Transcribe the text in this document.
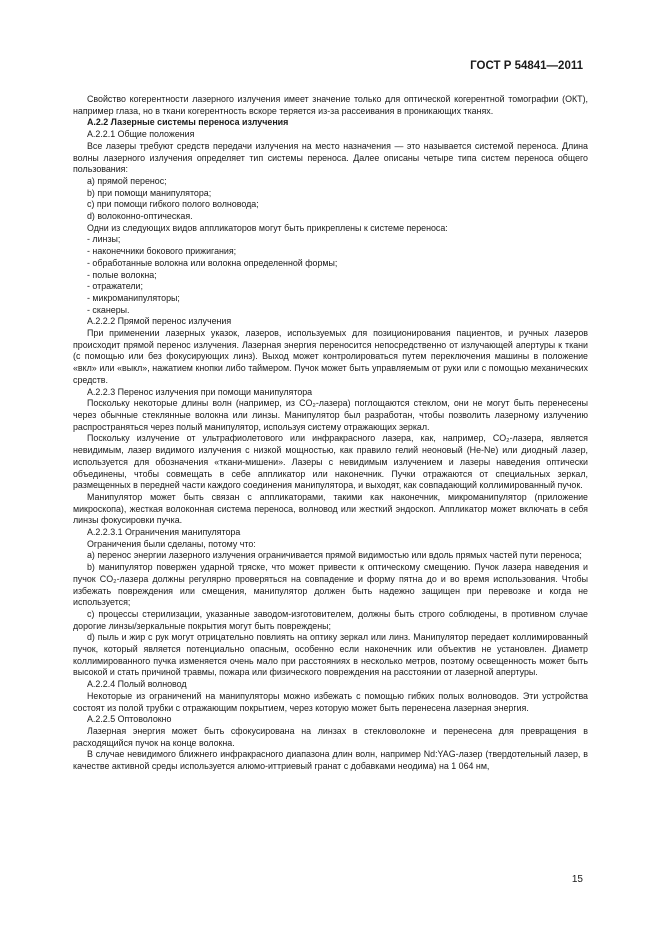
ГОСТ Р 54841—2011

Свойство когерентности лазерного излучения имеет значение только для оптической когерентной томографии (ОКТ), например глаза, но в ткани когерентность вскоре теряется из-за рассеивания в проникающих тканях.

А.2.2 Лазерные системы переноса излучения

А.2.2.1 Общие положения

Все лазеры требуют средств передачи излучения на место назначения — это называется системой переноса. Длина волны лазерного излучения определяет тип системы переноса. Далее описаны четыре типа систем переноса общего пользования:

a) прямой перенос;

b) при помощи манипулятора;

c) при помощи гибкого полого волновода;

d) волоконно-оптическая.

Одни из следующих видов аппликаторов могут быть прикреплены к системе переноса:

- линзы;

- наконечники бокового прижигания;

- обработанные волокна или волокна определенной формы;

- полые волокна;

- отражатели;

- микроманипуляторы;

- сканеры.

А.2.2.2 Прямой перенос излучения

При применении лазерных указок, лазеров, используемых для позиционирования пациентов, и ручных лазеров происходит прямой перенос излучения. Лазерная энергия переносится непосредственно от излучающей апертуры к ткани (с помощью или без фокусирующих линз). Выход может контролироваться путем переключения машины в положение «вкл» или «выкл», нажатием кнопки либо таймером. Пучок может быть управляемым от руки или с помощью механических средств.

А.2.2.3 Перенос излучения при помощи манипулятора

Поскольку некоторые длины волн (например, из CO₂-лазера) поглощаются стеклом, они не могут быть перенесены через обычные стеклянные волокна или линзы. Манипулятор был разработан, чтобы позволить лазерному излучению распространяться через полый манипулятор, используя систему отражающих зеркал.

Поскольку излучение от ультрафиолетового или инфракрасного лазера, как, например, CO₂-лазера, является невидимым, лазер видимого излучения с низкой мощностью, как правило гелий неоновый (He-Ne) или диодный лазер, используется для обозначения «ткани-мишени». Лазеры с невидимым излучением и лазеры наведения оптически объединены, чтобы совмещать в себе аппликатор или наконечник. Пучки отражаются от специальных зеркал, размещенных в передней части каждого соединения манипулятора, и выходят, как совпадающий коллимированный пучок.

Манипулятор может быть связан с аппликаторами, такими как наконечник, микроманипулятор (приложение микроскопа), жесткая волоконная система переноса, волновод или жесткий эндоскоп. Аппликатор может включать в себя линзы фокусировки пучка.

А.2.2.3.1 Ограничения манипулятора

Ограничения были сделаны, потому что:

a) перенос энергии лазерного излучения ограничивается прямой видимостью или вдоль прямых частей пути переноса;

b) манипулятор повержен ударной тряске, что может привести к оптическому смещению. Пучок лазера наведения и пучок CO₂-лазера должны регулярно проверяться на совпадение и форму пятна до и во время использования. Чтобы избежать повреждения или смещения, манипулятор должен быть надежно защищен при перевозке и когда не используется;

c) процессы стерилизации, указанные заводом-изготовителем, должны быть строго соблюдены, в противном случае дорогие линзы/зеркальные покрытия могут быть повреждены;

d) пыль и жир с рук могут отрицательно повлиять на оптику зеркал или линз. Манипулятор передает коллимированный пучок, который является потенциально опасным, особенно если наконечник или объектив не установлен. Диаметр коллимированного пучка изменяется очень мало при расстояниях в несколько метров, поэтому освещенность может быть высокой и стать причиной травмы, пожара или физического повреждения на расстоянии от лазерной апертуры.

А.2.2.4 Полый волновод

Некоторые из ограничений на манипуляторы можно избежать с помощью гибких полых волноводов. Эти устройства состоят из полой трубки с отражающим покрытием, через которую может быть перенесена лазерная энергия.

А.2.2.5 Оптоволокно

Лазерная энергия может быть сфокусирована на линзах в стекловолокне и перенесена для превращения в расходящийся пучок на конце волокна.

В случае невидимого ближнего инфракрасного диапазона длин волн, например Nd:YAG-лазер (твердотельный лазер, в качестве активной среды используется алюмо-иттриевый гранат с добавками неодима) на 1 064 нм,

15
